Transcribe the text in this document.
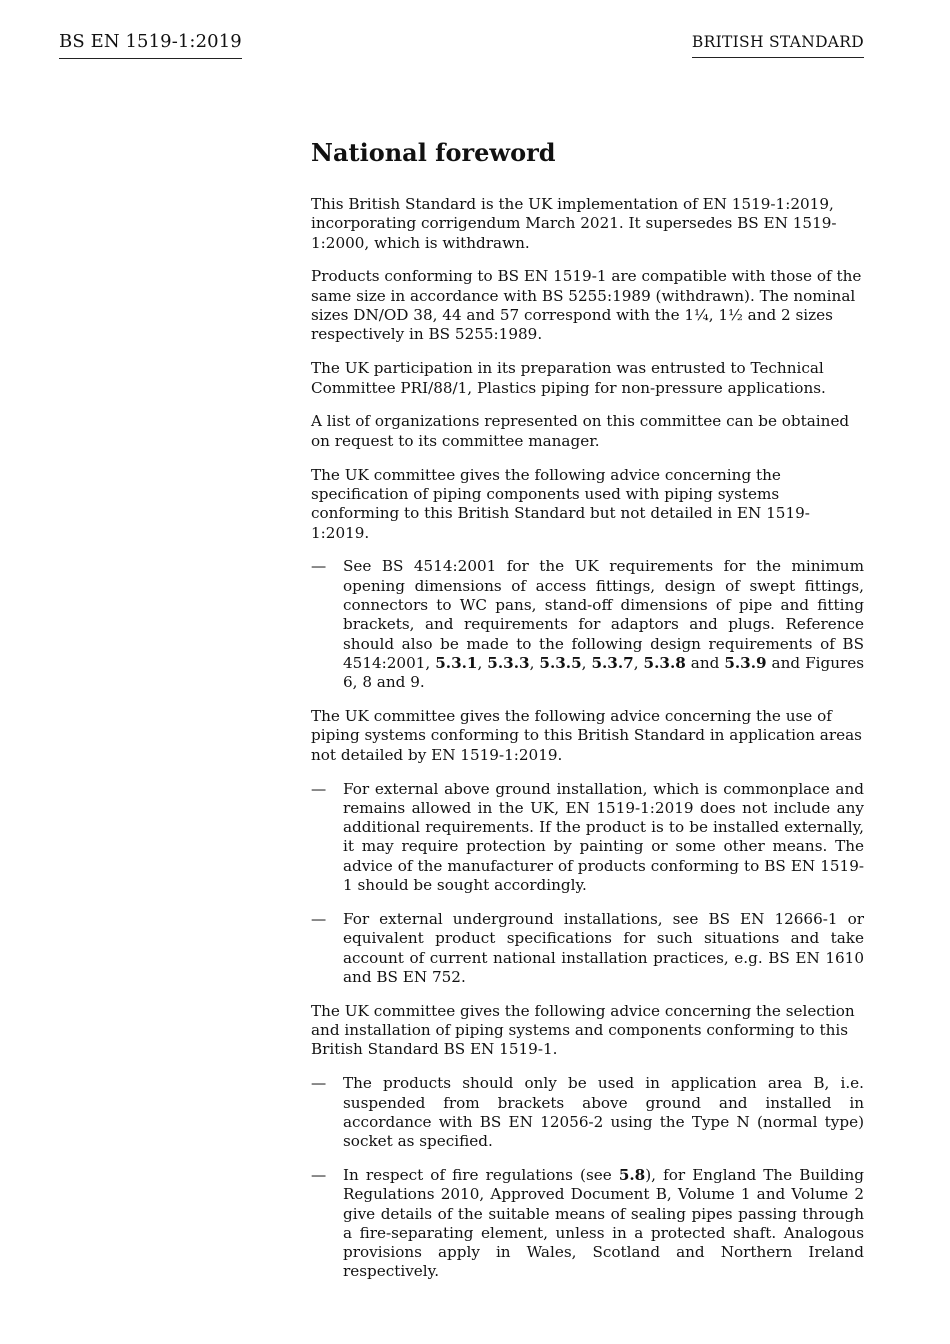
BS EN 1519-1:2019	BRITISH STANDARD
National foreword

This British Standard is the UK implementation of EN 1519-1:2019, incorporating corrigendum March 2021. It supersedes BS EN 1519-1:2000, which is withdrawn.

Products conforming to BS EN 1519-1 are compatible with those of the same size in accordance with BS 5255:1989 (withdrawn). The nominal sizes DN/OD 38, 44 and 57 correspond with the 1¼, 1½ and 2 sizes respectively in BS 5255:1989.

The UK participation in its preparation was entrusted to Technical Committee PRI/88/1, Plastics piping for non-pressure applications.

A list of organizations represented on this committee can be obtained on request to its committee manager.

The UK committee gives the following advice concerning the specification of piping components used with piping systems conforming to this British Standard but not detailed in EN 1519-1:2019.

—	See BS 4514:2001 for the UK requirements for the minimum opening dimensions of access fittings, design of swept fittings, connectors to WC pans, stand-off dimensions of pipe and fitting brackets, and requirements for adaptors and plugs. Reference should also be made to the following design requirements of BS 4514:2001, 5.3.1, 5.3.3, 5.3.5, 5.3.7, 5.3.8 and 5.3.9 and Figures 6, 8 and 9.

The UK committee gives the following advice concerning the use of piping systems conforming to this British Standard in application areas not detailed by EN 1519-1:2019.

—	For external above ground installation, which is commonplace and remains allowed in the UK, EN 1519-1:2019 does not include any additional requirements. If the product is to be installed externally, it may require protection by painting or some other means. The advice of the manufacturer of products conforming to BS EN 1519-1 should be sought accordingly.
—	For external underground installations, see BS EN 12666-1 or equivalent product specifications for such situations and take account of current national installation practices, e.g. BS EN 1610 and BS EN 752.

The UK committee gives the following advice concerning the selection and installation of piping systems and components conforming to this British Standard BS EN 1519-1.

—	The products should only be used in application area B, i.e. suspended from brackets above ground and installed in accordance with BS EN 12056-2 using the Type N (normal type) socket as specified.
—	In respect of fire regulations (see 5.8), for England The Building Regulations 2010, Approved Document B, Volume 1 and Volume 2 give details of the suitable means of sealing pipes passing through a fire-separating element, unless in a protected shaft. Analogous provisions apply in Wales, Scotland and Northern Ireland respectively.
